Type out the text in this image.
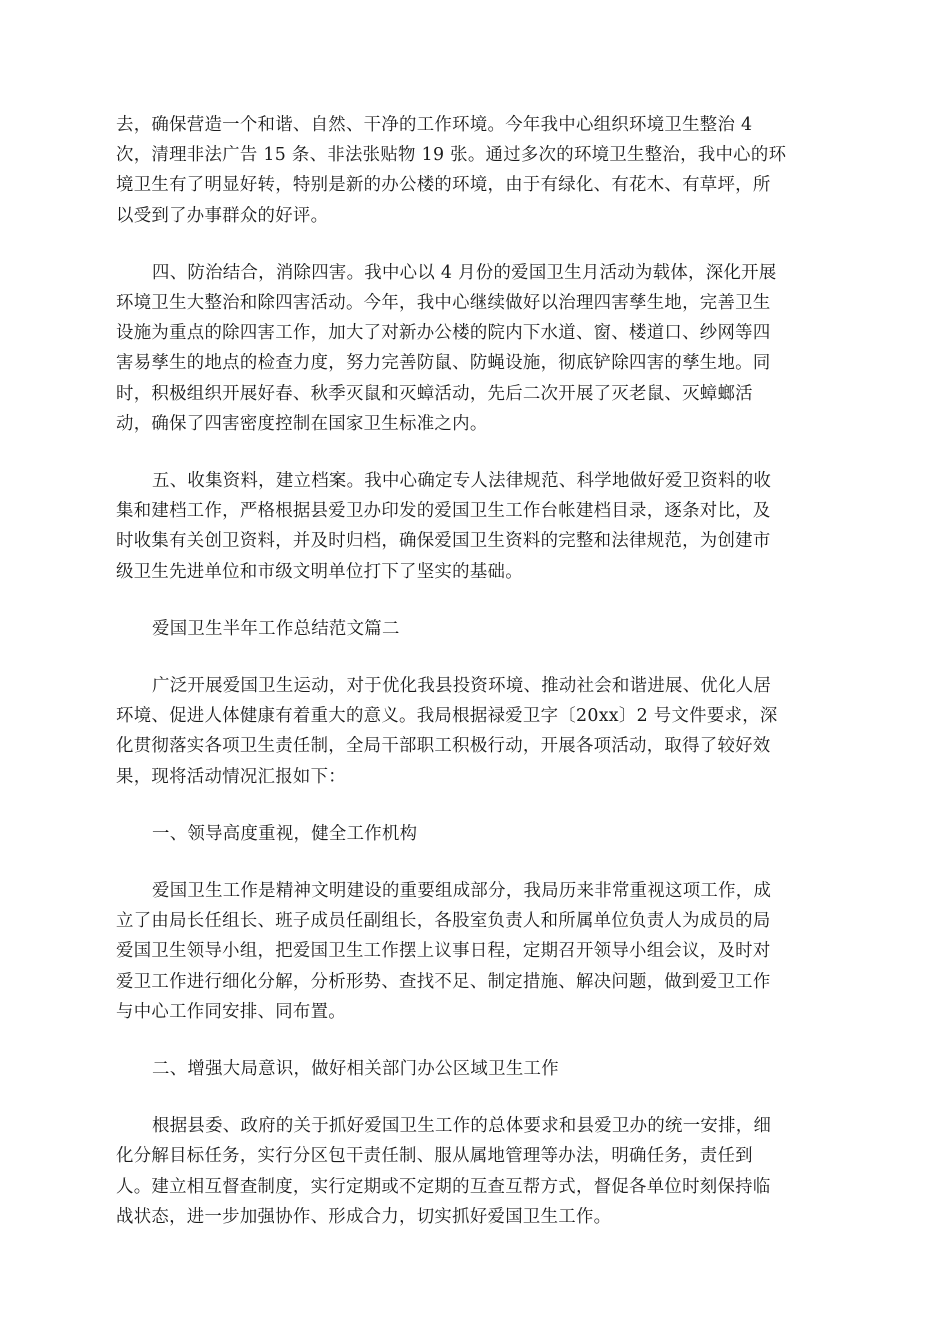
去，确保营造一个和谐、自然、干净的工作环境。今年我中心组织环境卫生整治 4
次，清理非法广告 15 条、非法张贴物 19 张。通过多次的环境卫生整治，我中心的环
境卫生有了明显好转，特别是新的办公楼的环境，由于有绿化、有花木、有草坪，所
以受到了办事群众的好评。
四、防治结合，消除四害。我中心以 4 月份的爱国卫生月活动为载体，深化开展
环境卫生大整治和除四害活动。今年，我中心继续做好以治理四害孳生地，完善卫生
设施为重点的除四害工作，加大了对新办公楼的院内下水道、窗、楼道口、纱网等四
害易孳生的地点的检查力度，努力完善防鼠、防蝇设施，彻底铲除四害的孳生地。同
时，积极组织开展好春、秋季灭鼠和灭蟑活动，先后二次开展了灭老鼠、灭蟑螂活
动，确保了四害密度控制在国家卫生标准之内。
五、收集资料，建立档案。我中心确定专人法律规范、科学地做好爱卫资料的收
集和建档工作，严格根据县爱卫办印发的爱国卫生工作台帐建档目录，逐条对比，及
时收集有关创卫资料，并及时归档，确保爱国卫生资料的完整和法律规范，为创建市
级卫生先进单位和市级文明单位打下了坚实的基础。
爱国卫生半年工作总结范文篇二
广泛开展爱国卫生运动，对于优化我县投资环境、推动社会和谐进展、优化人居
环境、促进人体健康有着重大的意义。我局根据禄爱卫字〔20xx〕2 号文件要求，深
化贯彻落实各项卫生责任制，全局干部职工积极行动，开展各项活动，取得了较好效
果，现将活动情况汇报如下：
一、领导高度重视，健全工作机构
爱国卫生工作是精神文明建设的重要组成部分，我局历来非常重视这项工作，成
立了由局长任组长、班子成员任副组长，各股室负责人和所属单位负责人为成员的局
爱国卫生领导小组，把爱国卫生工作摆上议事日程，定期召开领导小组会议，及时对
爱卫工作进行细化分解，分析形势、查找不足、制定措施、解决问题，做到爱卫工作
与中心工作同安排、同布置。
二、增强大局意识，做好相关部门办公区域卫生工作
根据县委、政府的关于抓好爱国卫生工作的总体要求和县爱卫办的统一安排，细
化分解目标任务，实行分区包干责任制、服从属地管理等办法，明确任务，责任到
人。建立相互督查制度，实行定期或不定期的互查互帮方式，督促各单位时刻保持临
战状态，进一步加强协作、形成合力，切实抓好爱国卫生工作。
